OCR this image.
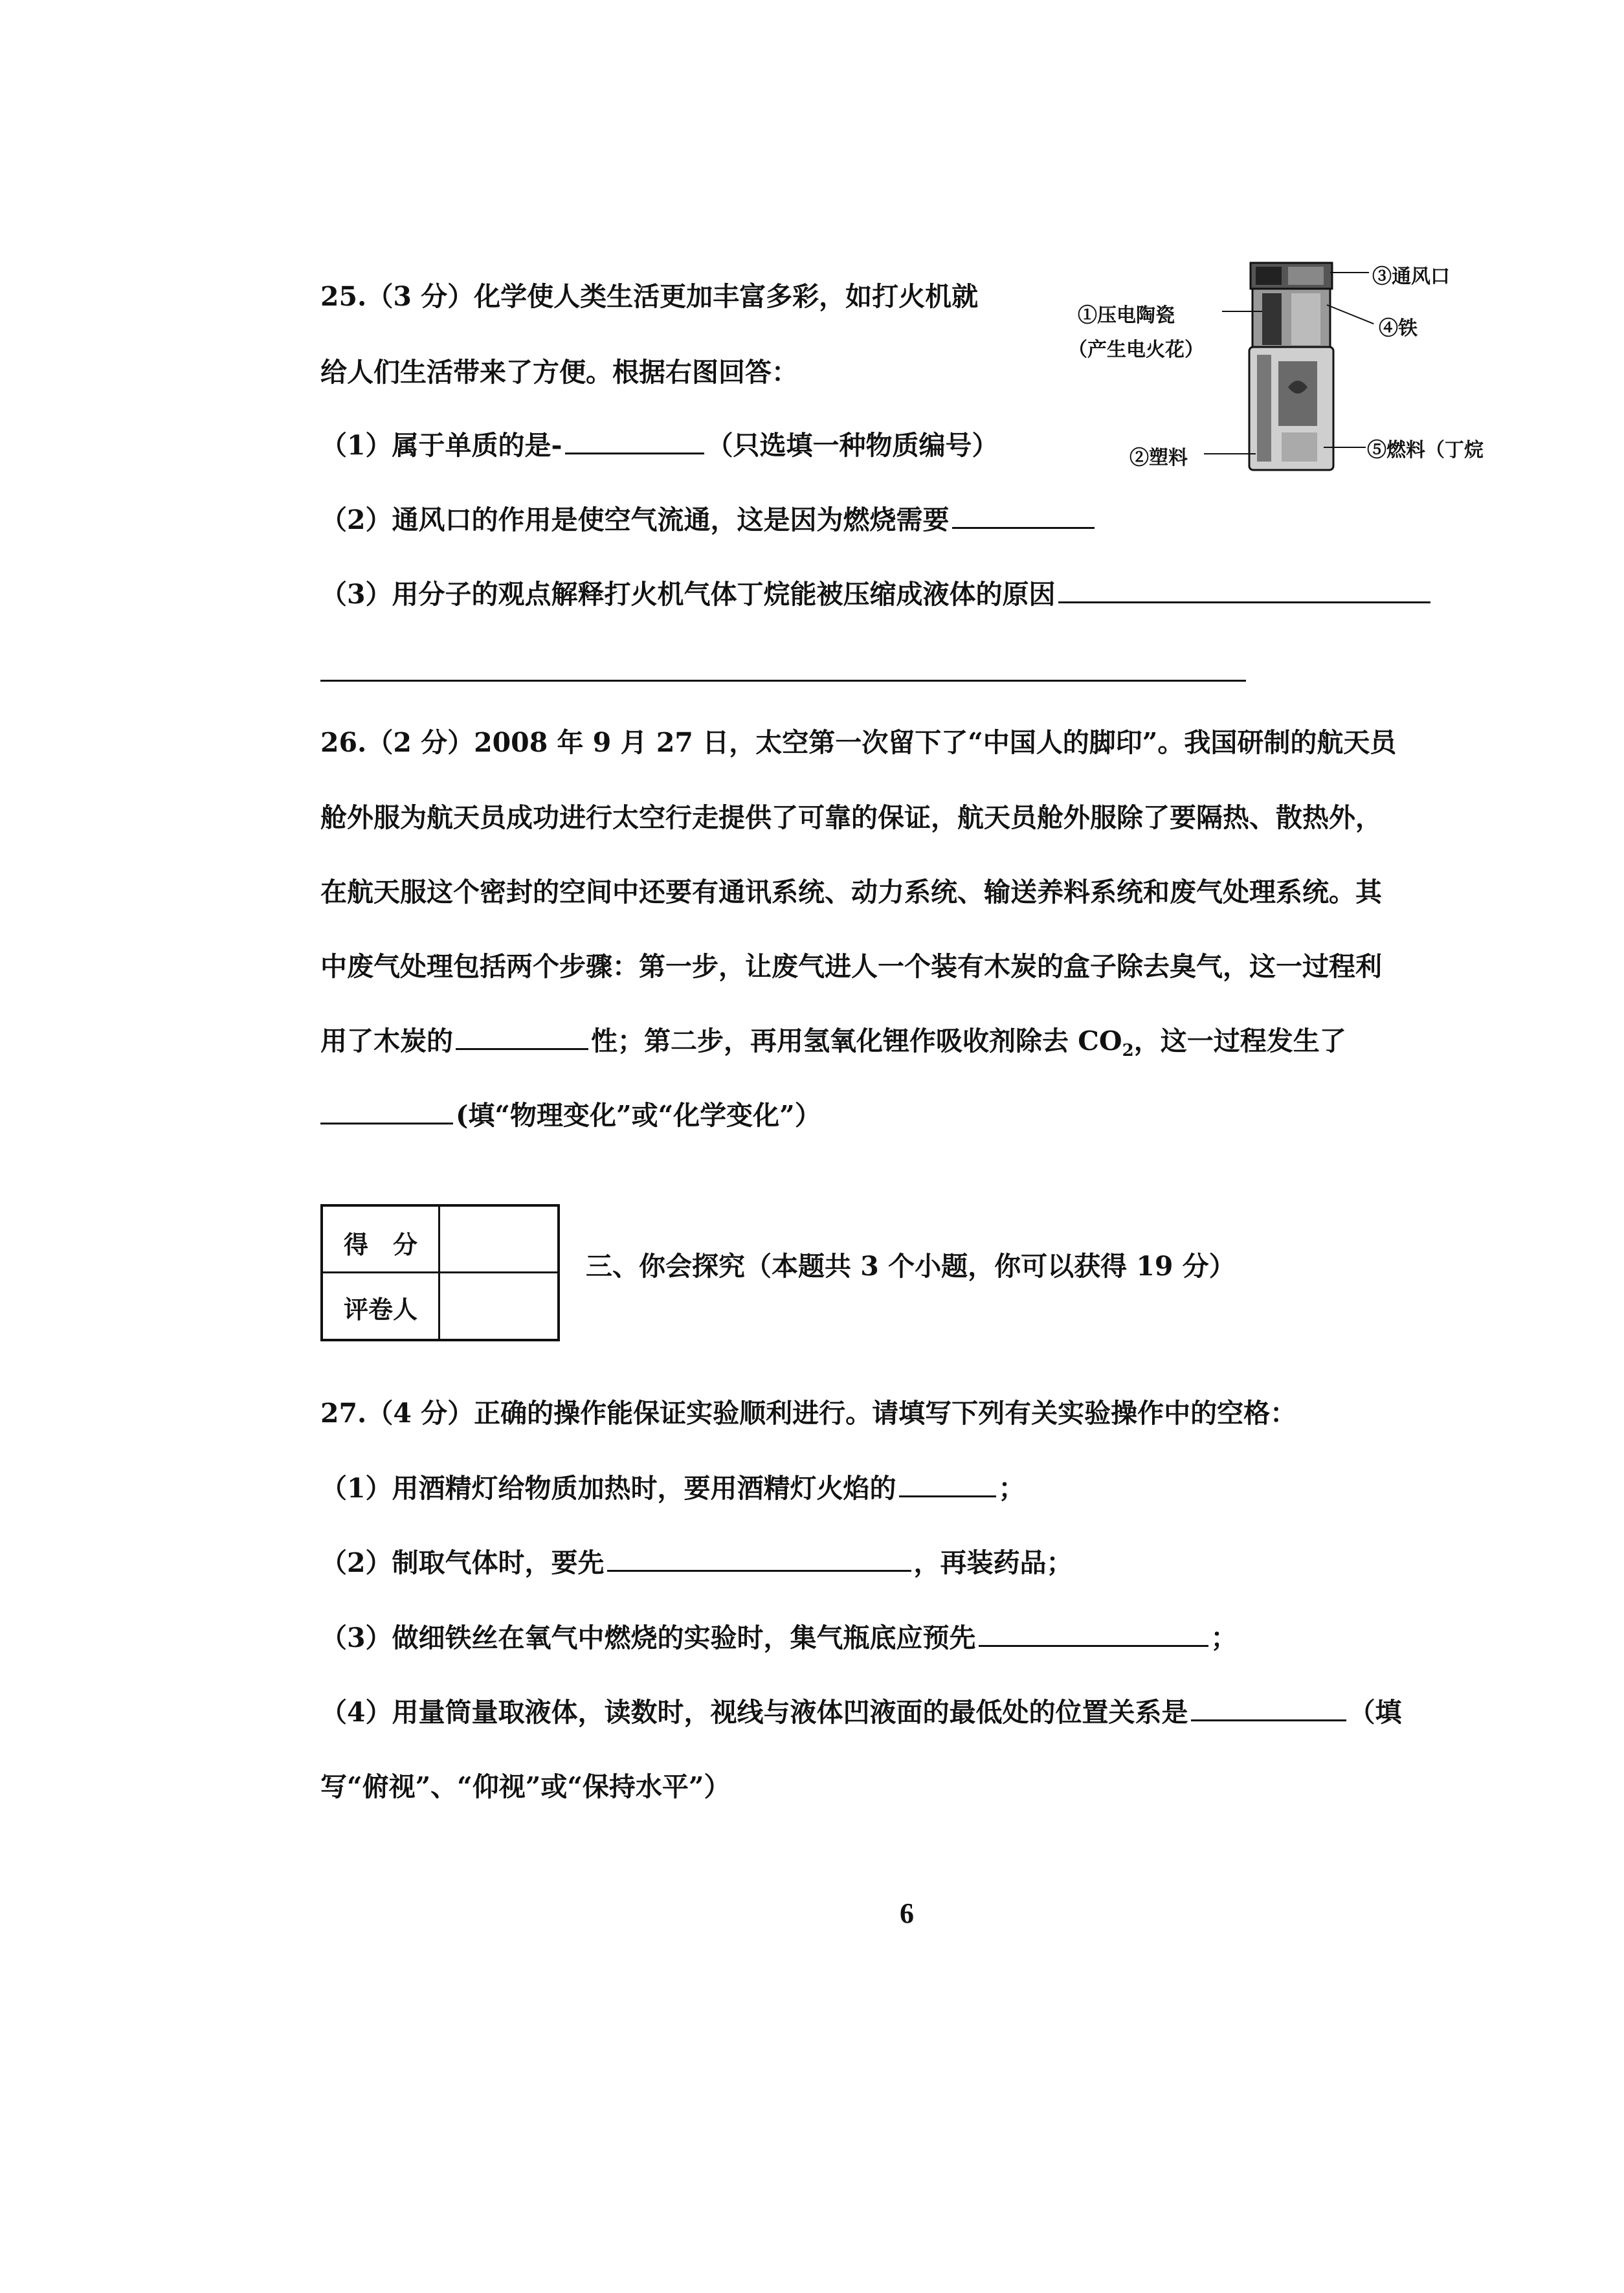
25.（3 分）化学使人类生活更加丰富多彩，如打火机就
给人们生活带来了方便。根据右图回答：
（1）属于单质的是-	（只选填一种物质编号）
（2）通风口的作用是使空气流通，这是因为燃烧需要
（3）用分子的观点解释打火机气体丁烷能被压缩成液体的原因
①压电陶瓷
（产生电火花）
②塑料
③通风口
④铁
⑤燃料（丁烷
26.（2 分）2008 年 9 月 27 日，太空第一次留下了“中国人的脚印”。我国研制的航天员
舱外服为航天员成功进行太空行走提供了可靠的保证，航天员舱外服除了要隔热、散热外，
在航天服这个密封的空间中还要有通讯系统、动力系统、输送养料系统和废气处理系统。其
中废气处理包括两个步骤：第一步，让废气进人一个装有木炭的盒子除去臭气，这一过程利
用了木炭的	性；第二步，再用氢氧化锂作吸收剂除去 $CO_2$，这一过程发生了
(填“物理变化”或“化学变化”）
得　分
评卷人
三、你会探究（本题共 3 个小题，你可以获得 19 分）
27.（4 分）正确的操作能保证实验顺利进行。请填写下列有关实验操作中的空格：
（1）用酒精灯给物质加热时，要用酒精灯火焰的	；
（2）制取气体时，要先	，再装药品；
（3）做细铁丝在氧气中燃烧的实验时，集气瓶底应预先	；
（4）用量筒量取液体，读数时，视线与液体凹液面的最低处的位置关系是	（填
写“俯视”、“仰视”或“保持水平”）
6
